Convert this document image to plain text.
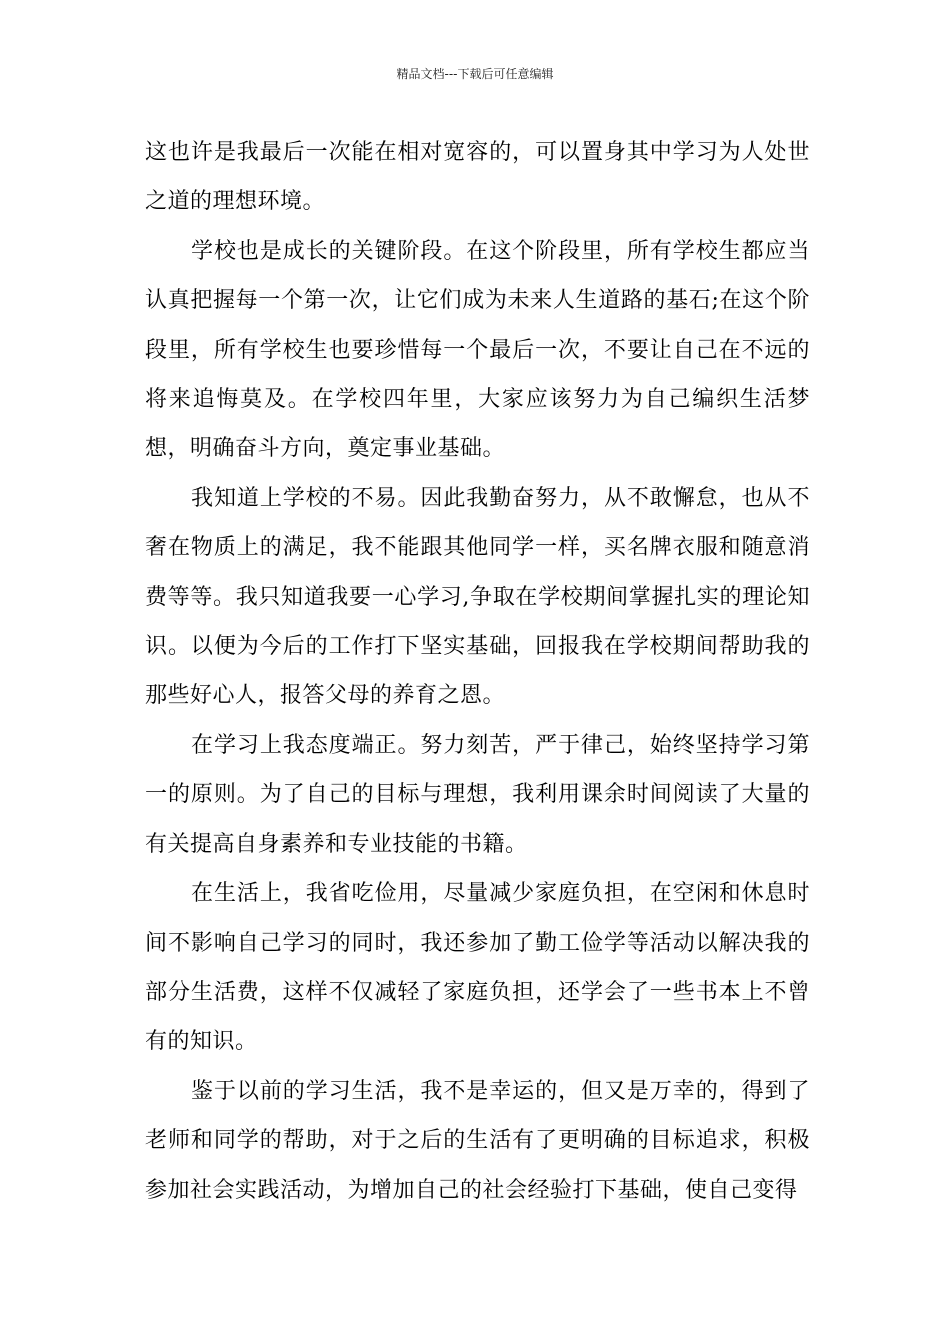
精品文档---下载后可任意编辑

这也许是我最后一次能在相对宽容的，可以置身其中学习为人处世之道的理想环境。

学校也是成长的关键阶段。在这个阶段里，所有学校生都应当认真把握每一个第一次，让它们成为未来人生道路的基石;在这个阶段里，所有学校生也要珍惜每一个最后一次，不要让自己在不远的将来追悔莫及。在学校四年里，大家应该努力为自己编织生活梦想，明确奋斗方向，奠定事业基础。

我知道上学校的不易。因此我勤奋努力，从不敢懈怠，也从不奢在物质上的满足，我不能跟其他同学一样，买名牌衣服和随意消费等等。我只知道我要一心学习,争取在学校期间掌握扎实的理论知识。以便为今后的工作打下坚实基础，回报我在学校期间帮助我的那些好心人，报答父母的养育之恩。

在学习上我态度端正。努力刻苦，严于律己，始终坚持学习第一的原则。为了自己的目标与理想，我利用课余时间阅读了大量的有关提高自身素养和专业技能的书籍。

在生活上，我省吃俭用，尽量减少家庭负担，在空闲和休息时间不影响自己学习的同时，我还参加了勤工俭学等活动以解决我的部分生活费，这样不仅减轻了家庭负担，还学会了一些书本上不曾有的知识。

鉴于以前的学习生活，我不是幸运的，但又是万幸的，得到了老师和同学的帮助，对于之后的生活有了更明确的目标追求，积极参加社会实践活动，为增加自己的社会经验打下基础，使自己变得
